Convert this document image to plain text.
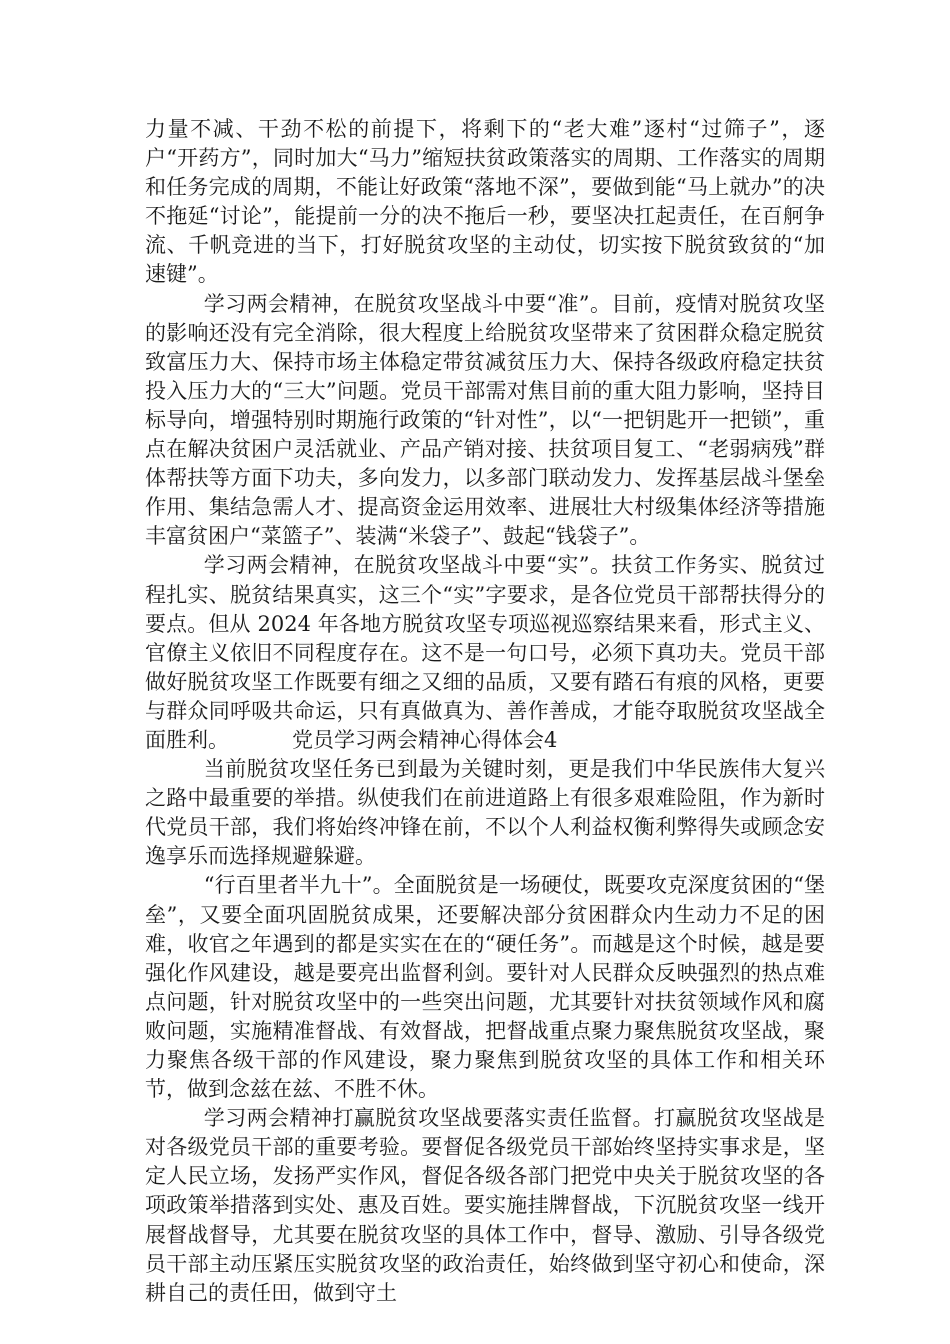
力量不减、干劲不松的前提下，将剩下的“老大难”逐村“过筛子”，逐户“开药方”，同时加大“马力”缩短扶贫政策落实的周期、工作落实的周期和任务完成的周期，不能让好政策“落地不深”，要做到能“马上就办”的决不拖延“讨论”，能提前一分的决不拖后一秒，要坚决扛起责任，在百舸争流、千帆竞进的当下，打好脱贫攻坚的主动仗，切实按下脱贫致贫的“加速键”。

学习两会精神，在脱贫攻坚战斗中要“准”。目前，疫情对脱贫攻坚的影响还没有完全消除，很大程度上给脱贫攻坚带来了贫困群众稳定脱贫致富压力大、保持市场主体稳定带贫减贫压力大、保持各级政府稳定扶贫投入压力大的“三大”问题。党员干部需对焦目前的重大阻力影响，坚持目标导向，增强特别时期施行政策的“针对性”，以“一把钥匙开一把锁”，重点在解决贫困户灵活就业、产品产销对接、扶贫项目复工、“老弱病残”群体帮扶等方面下功夫，多向发力，以多部门联动发力、发挥基层战斗堡垒作用、集结急需人才、提高资金运用效率、进展壮大村级集体经济等措施丰富贫困户“菜篮子”、装满“米袋子”、鼓起“钱袋子”。

学习两会精神，在脱贫攻坚战斗中要“实”。扶贫工作务实、脱贫过程扎实、脱贫结果真实，这三个“实”字要求，是各位党员干部帮扶得分的要点。但从 2024 年各地方脱贫攻坚专项巡视巡察结果来看，形式主义、官僚主义依旧不同程度存在。这不是一句口号，必须下真功夫。党员干部做好脱贫攻坚工作既要有细之又细的品质，又要有踏石有痕的风格，更要与群众同呼吸共命运，只有真做真为、善作善成，才能夺取脱贫攻坚战全面胜利。	党员学习两会精神心得体会4

当前脱贫攻坚任务已到最为关键时刻，更是我们中华民族伟大复兴之路中最重要的举措。纵使我们在前进道路上有很多艰难险阻，作为新时代党员干部，我们将始终冲锋在前，不以个人利益权衡利弊得失或顾念安逸享乐而选择规避躲避。

“行百里者半九十”。全面脱贫是一场硬仗，既要攻克深度贫困的“堡垒”，又要全面巩固脱贫成果，还要解决部分贫困群众内生动力不足的困难，收官之年遇到的都是实实在在的“硬任务”。而越是这个时候，越是要强化作风建设，越是要亮出监督利剑。要针对人民群众反映强烈的热点难点问题，针对脱贫攻坚中的一些突出问题，尤其要针对扶贫领域作风和腐败问题，实施精准督战、有效督战，把督战重点聚力聚焦脱贫攻坚战，聚力聚焦各级干部的作风建设，聚力聚焦到脱贫攻坚的具体工作和相关环节，做到念兹在兹、不胜不休。

学习两会精神打赢脱贫攻坚战要落实责任监督。打赢脱贫攻坚战是对各级党员干部的重要考验。要督促各级党员干部始终坚持实事求是，坚定人民立场，发扬严实作风，督促各级各部门把党中央关于脱贫攻坚的各项政策举措落到实处、惠及百姓。要实施挂牌督战，下沉脱贫攻坚一线开展督战督导，尤其要在脱贫攻坚的具体工作中，督导、激励、引导各级党员干部主动压紧压实脱贫攻坚的政治责任，始终做到坚守初心和使命，深耕自己的责任田，做到守土
